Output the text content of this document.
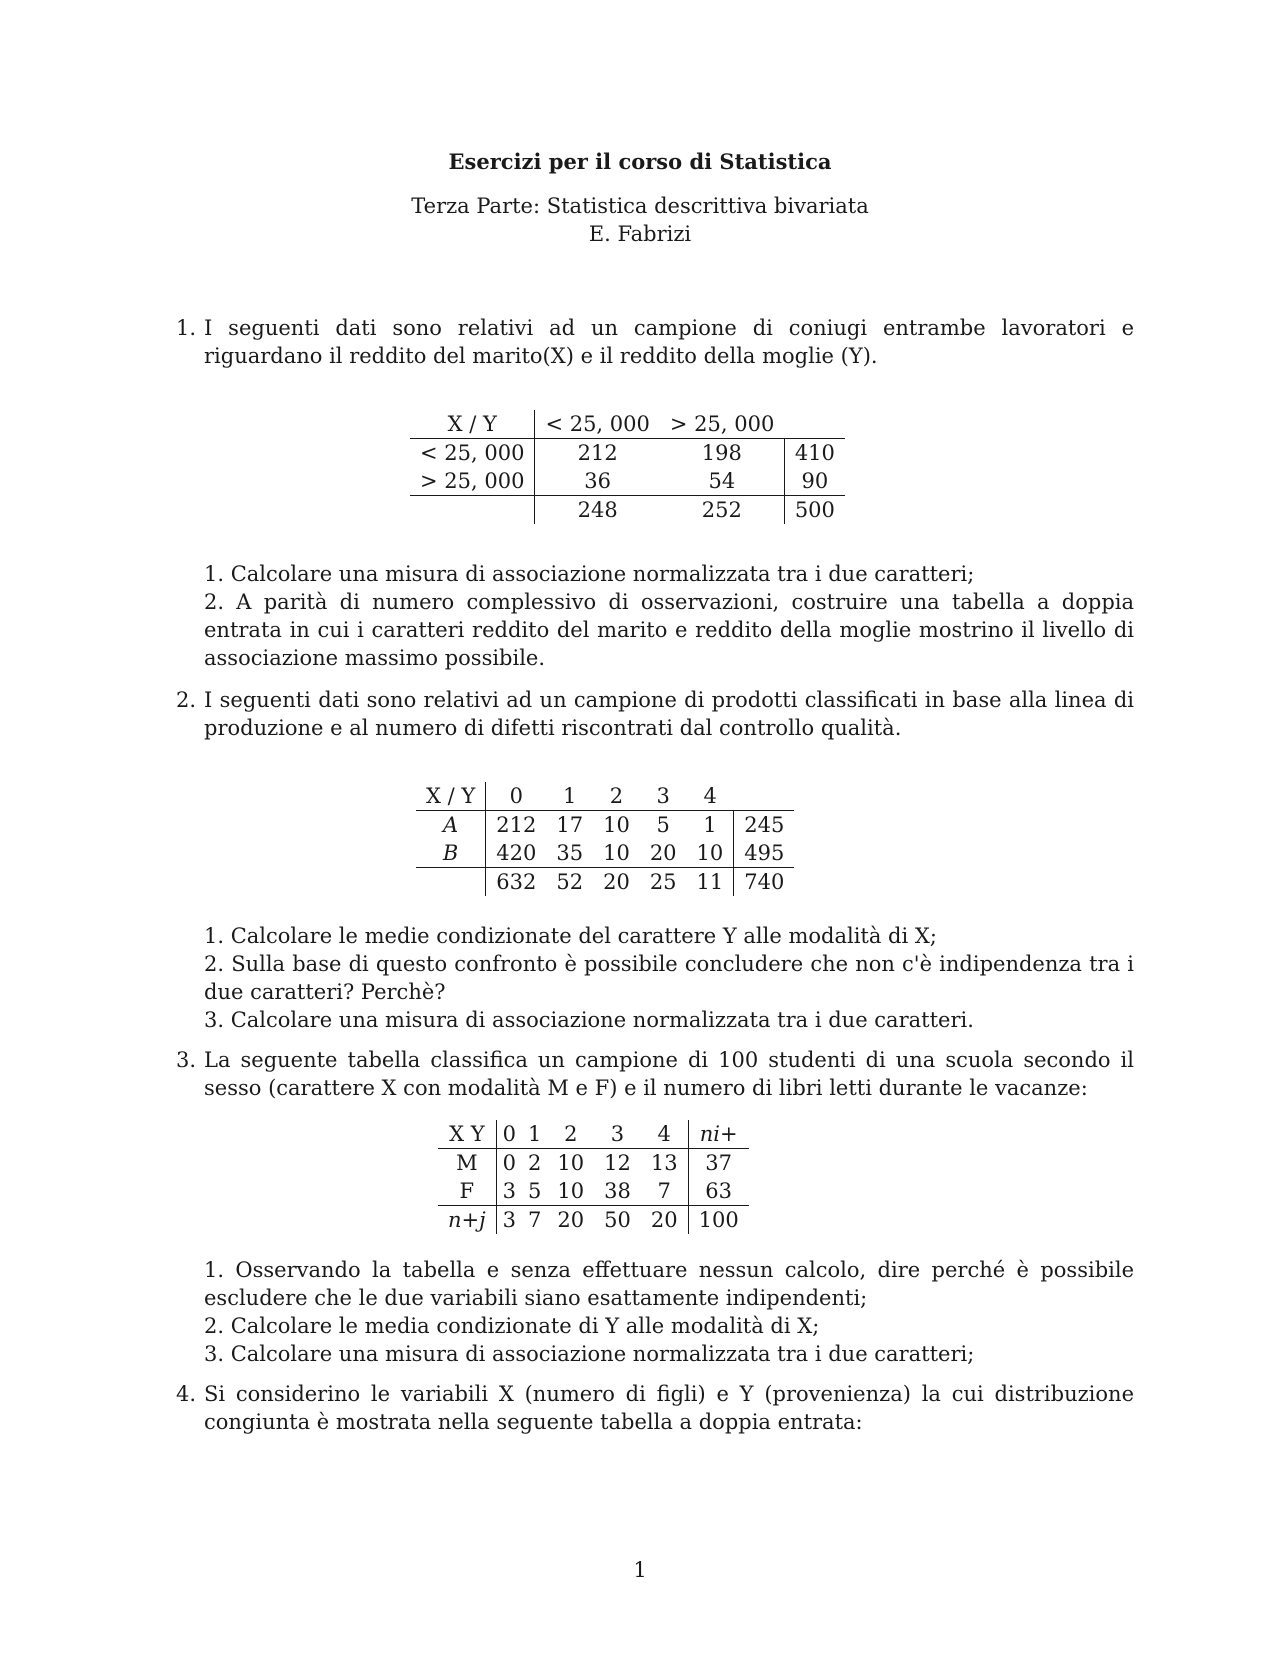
Esercizi per il corso di Statistica
Terza Parte: Statistica descrittiva bivariata
E. Fabrizi
1. I seguenti dati sono relativi ad un campione di coniugi entrambe lavoratori e riguardano il reddito del marito(X) e il reddito della moglie (Y).
X / Y	< 25, 000	> 25, 000	
< 25, 000	212	198	410
> 25, 000	36	54	90
	248	252	500

1. Calcolare una misura di associazione normalizzata tra i due caratteri;

2. A parità di numero complessivo di osservazioni, costruire una tabella a doppia entrata in cui i caratteri reddito del marito e reddito della moglie mostrino il livello di associazione massimo possibile.

2. I seguenti dati sono relativi ad un campione di prodotti classificati in base alla linea di produzione e al numero di difetti riscontrati dal controllo qualità.
X / Y	0	1	2	3	4	
A	212	17	10	5	1	245
B	420	35	10	20	10	495
	632	52	20	25	11	740

1. Calcolare le medie condizionate del carattere Y alle modalità di X;

2. Sulla base di questo confronto è possibile concludere che non c'è indipendenza tra i due caratteri? Perchè?

3. Calcolare una misura di associazione normalizzata tra i due caratteri.

3. La seguente tabella classifica un campione di 100 studenti di una scuola secondo il sesso (carattere X con modalità M e F) e il numero di libri letti durante le vacanze:
X Y	0	1	2	3	4	ni+
M	0	2	10	12	13	37
F	3	5	10	38	7	63
n+j	3	7	20	50	20	100

1. Osservando la tabella e senza effettuare nessun calcolo, dire perché è possibile escludere che le due variabili siano esattamente indipendenti;

2. Calcolare le media condizionate di Y alle modalità di X;

3. Calcolare una misura di associazione normalizzata tra i due caratteri;

4. Si considerino le variabili X (numero di figli) e Y (provenienza) la cui distribuzione congiunta è mostrata nella seguente tabella a doppia entrata:
1
